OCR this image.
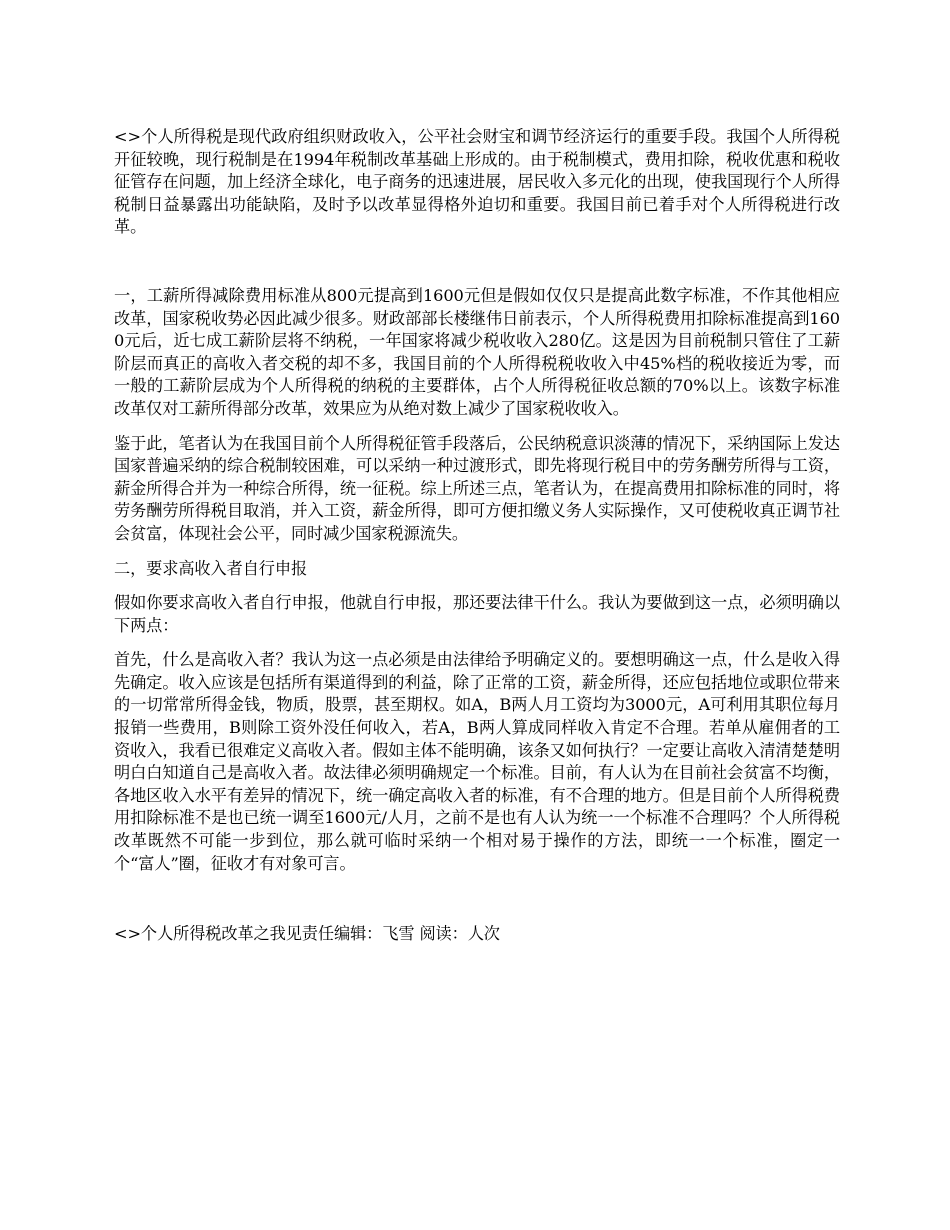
<>个人所得税是现代政府组织财政收入，公平社会财宝和调节经济运行的重要手段。我国个人所得税开征较晚，现行税制是在1994年税制改革基础上形成的。由于税制模式，费用扣除，税收优惠和税收征管存在问题，加上经济全球化，电子商务的迅速进展，居民收入多元化的出现，使我国现行个人所得税制日益暴露出功能缺陷，及时予以改革显得格外迫切和重要。我国目前已着手对个人所得税进行改革。

一，工薪所得减除费用标准从800元提高到1600元但是假如仅仅只是提高此数字标准，不作其他相应改革，国家税收势必因此减少很多。财政部部长楼继伟日前表示，个人所得税费用扣除标准提高到1600元后，近七成工薪阶层将不纳税，一年国家将减少税收收入280亿。这是因为目前税制只管住了工薪阶层而真正的高收入者交税的却不多，我国目前的个人所得税税收收入中45%档的税收接近为零，而一般的工薪阶层成为个人所得税的纳税的主要群体，占个人所得税征收总额的70%以上。该数字标准改革仅对工薪所得部分改革，效果应为从绝对数上减少了国家税收收入。

鉴于此，笔者认为在我国目前个人所得税征管手段落后，公民纳税意识淡薄的情况下，采纳国际上发达国家普遍采纳的综合税制较困难，可以采纳一种过渡形式，即先将现行税目中的劳务酬劳所得与工资，薪金所得合并为一种综合所得，统一征税。综上所述三点，笔者认为，在提高费用扣除标准的同时，将劳务酬劳所得税目取消，并入工资，薪金所得，即可方便扣缴义务人实际操作，又可使税收真正调节社会贫富，体现社会公平，同时减少国家税源流失。

二，要求高收入者自行申报

假如你要求高收入者自行申报，他就自行申报，那还要法律干什么。我认为要做到这一点，必须明确以下两点：

首先，什么是高收入者？我认为这一点必须是由法律给予明确定义的。要想明确这一点，什么是收入得先确定。收入应该是包括所有渠道得到的利益，除了正常的工资，薪金所得，还应包括地位或职位带来的一切常常所得金钱，物质，股票，甚至期权。如A，B两人月工资均为3000元，A可利用其职位每月报销一些费用，B则除工资外没任何收入，若A，B两人算成同样收入肯定不合理。若单从雇佣者的工资收入，我看已很难定义高收入者。假如主体不能明确，该条又如何执行？一定要让高收入清清楚楚明明白白知道自己是高收入者。故法律必须明确规定一个标准。目前，有人认为在目前社会贫富不均衡，各地区收入水平有差异的情况下，统一确定高收入者的标准，有不合理的地方。但是目前个人所得税费用扣除标准不是也已统一调至1600元/人月，之前不是也有人认为统一一个标准不合理吗？个人所得税改革既然不可能一步到位，那么就可临时采纳一个相对易于操作的方法，即统一一个标准，圈定一个“富人”圈，征收才有对象可言。

<>个人所得税改革之我见责任编辑：飞雪 阅读：人次
